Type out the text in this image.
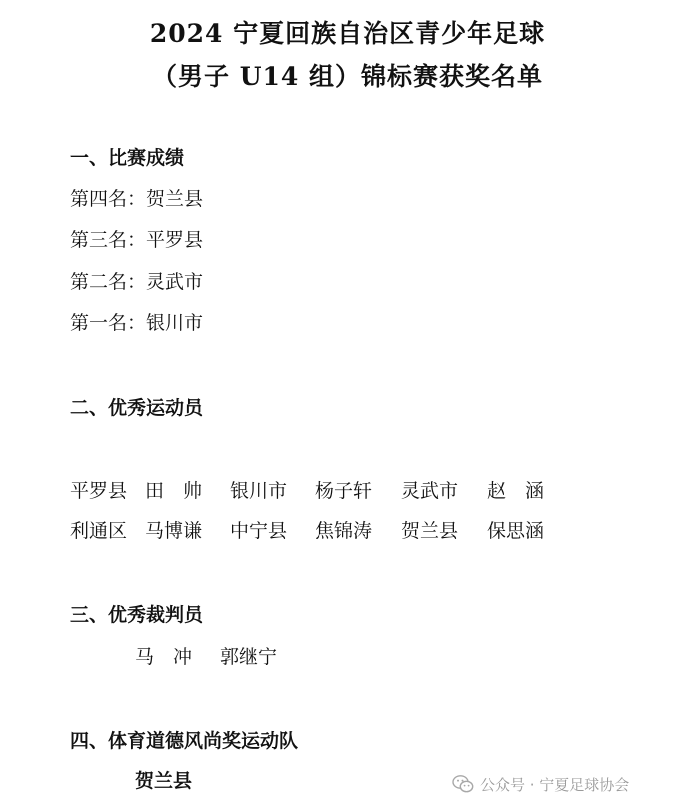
2024 宁夏回族自治区青少年足球
（男子 U14 组）锦标赛获奖名单
一、比赛成绩
第四名：贺兰县
第三名：平罗县
第二名：灵武市
第一名：银川市
二、优秀运动员
平罗县 田　帅 银川市 杨子轩 灵武市 赵　涵
利通区 马博谦 中宁县 焦锦涛 贺兰县 保思涵
三、优秀裁判员
马　冲 郭继宁
四、体育道德风尚奖运动队
贺兰县	公众号 · 宁夏足球协会
